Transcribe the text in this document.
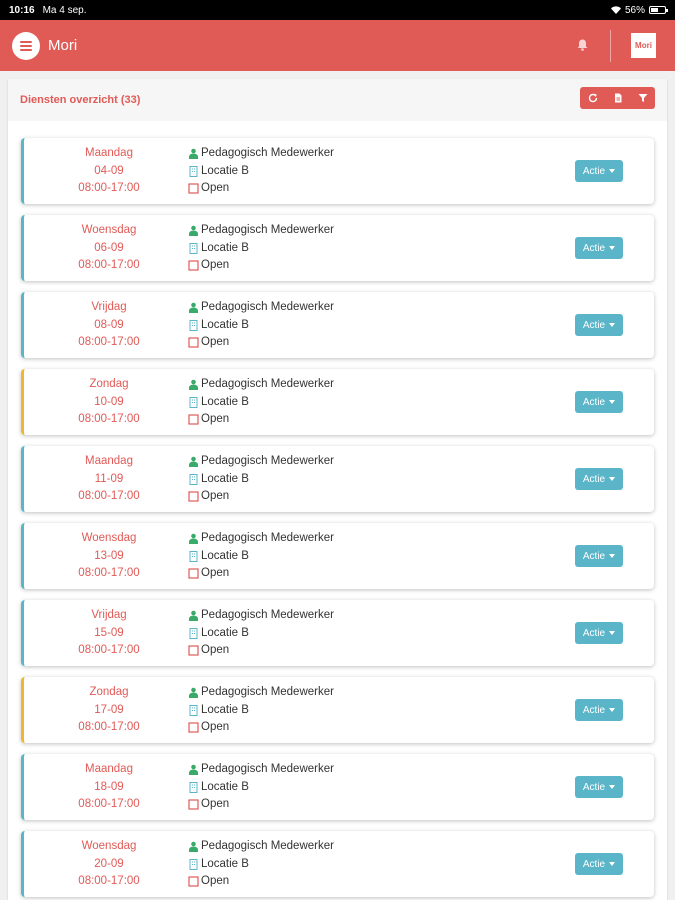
10:16 Ma 4 sep.	56%
Mori	Mori
Diensten overzicht (33)
Maandag
04-09
08:00-17:00
Pedagogisch Medewerker
Locatie B
Open
Actie
Woensdag
06-09
08:00-17:00
Pedagogisch Medewerker
Locatie B
Open
Actie
Vrijdag
08-09
08:00-17:00
Pedagogisch Medewerker
Locatie B
Open
Actie
Zondag
10-09
08:00-17:00
Pedagogisch Medewerker
Locatie B
Open
Actie
Maandag
11-09
08:00-17:00
Pedagogisch Medewerker
Locatie B
Open
Actie
Woensdag
13-09
08:00-17:00
Pedagogisch Medewerker
Locatie B
Open
Actie
Vrijdag
15-09
08:00-17:00
Pedagogisch Medewerker
Locatie B
Open
Actie
Zondag
17-09
08:00-17:00
Pedagogisch Medewerker
Locatie B
Open
Actie
Maandag
18-09
08:00-17:00
Pedagogisch Medewerker
Locatie B
Open
Actie
Woensdag
20-09
08:00-17:00
Pedagogisch Medewerker
Locatie B
Open
Actie
